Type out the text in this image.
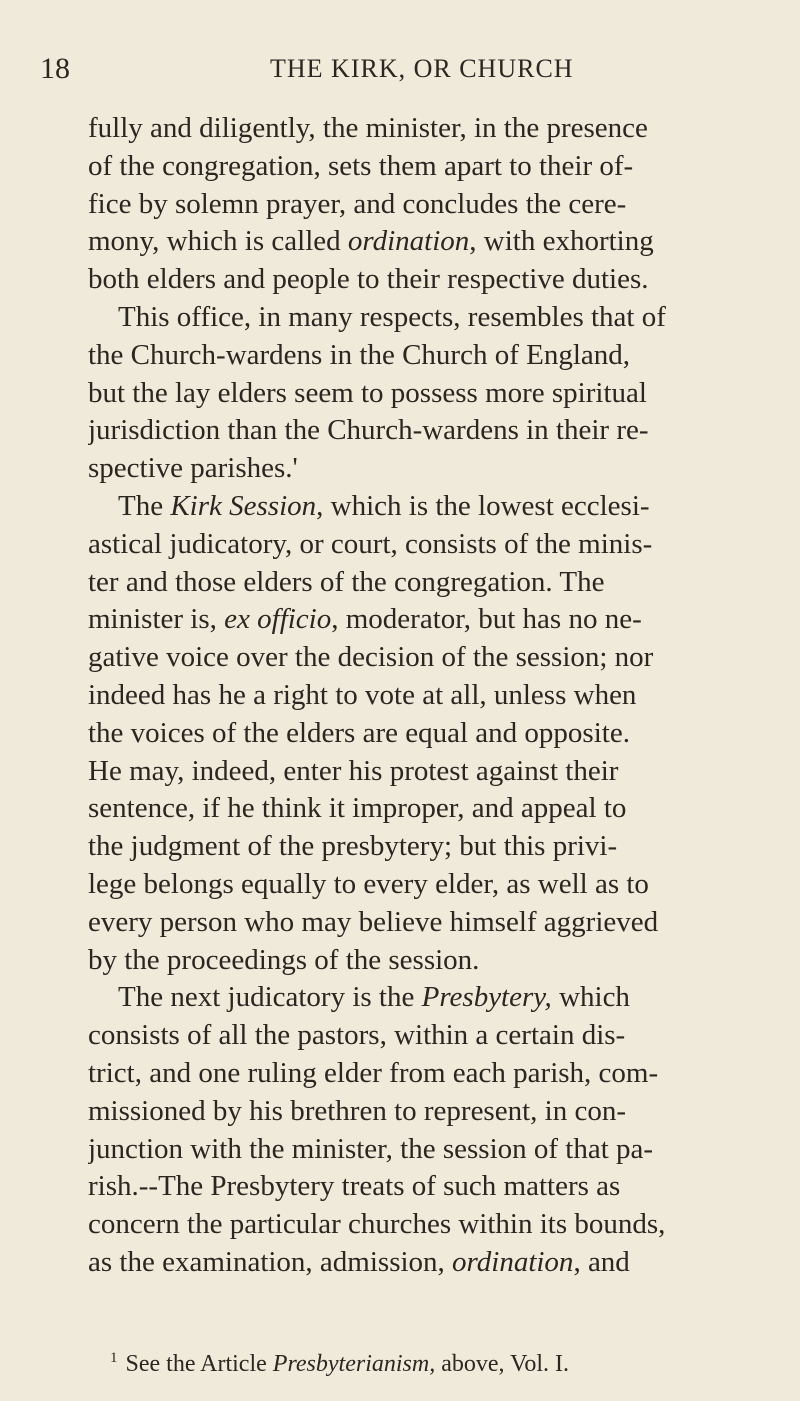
18	THE KIRK, OR CHURCH
fully and diligently, the minister, in the presence
of the congregation, sets them apart to their of-
fice by solemn prayer, and concludes the cere-
mony, which is called ordination, with exhorting
both elders and people to their respective duties.
This office, in many respects, resembles that of
the Church-wardens in the Church of England,
but the lay elders seem to possess more spiritual
jurisdiction than the Church-wardens in their re-
spective parishes.'
The Kirk Session, which is the lowest ecclesi-
astical judicatory, or court, consists of the minis-
ter and those elders of the congregation. The
minister is, ex officio, moderator, but has no ne-
gative voice over the decision of the session; nor
indeed has he a right to vote at all, unless when
the voices of the elders are equal and opposite.
He may, indeed, enter his protest against their
sentence, if he think it improper, and appeal to
the judgment of the presbytery; but this privi-
lege belongs equally to every elder, as well as to
every person who may believe himself aggrieved
by the proceedings of the session.
The next judicatory is the Presbytery, which
consists of all the pastors, within a certain dis-
trict, and one ruling elder from each parish, com-
missioned by his brethren to represent, in con-
junction with the minister, the session of that pa-
rish.--The Presbytery treats of such matters as
concern the particular churches within its bounds,
as the examination, admission, ordination, and
$^1$ See the Article Presbyterianism, above, Vol. I.
